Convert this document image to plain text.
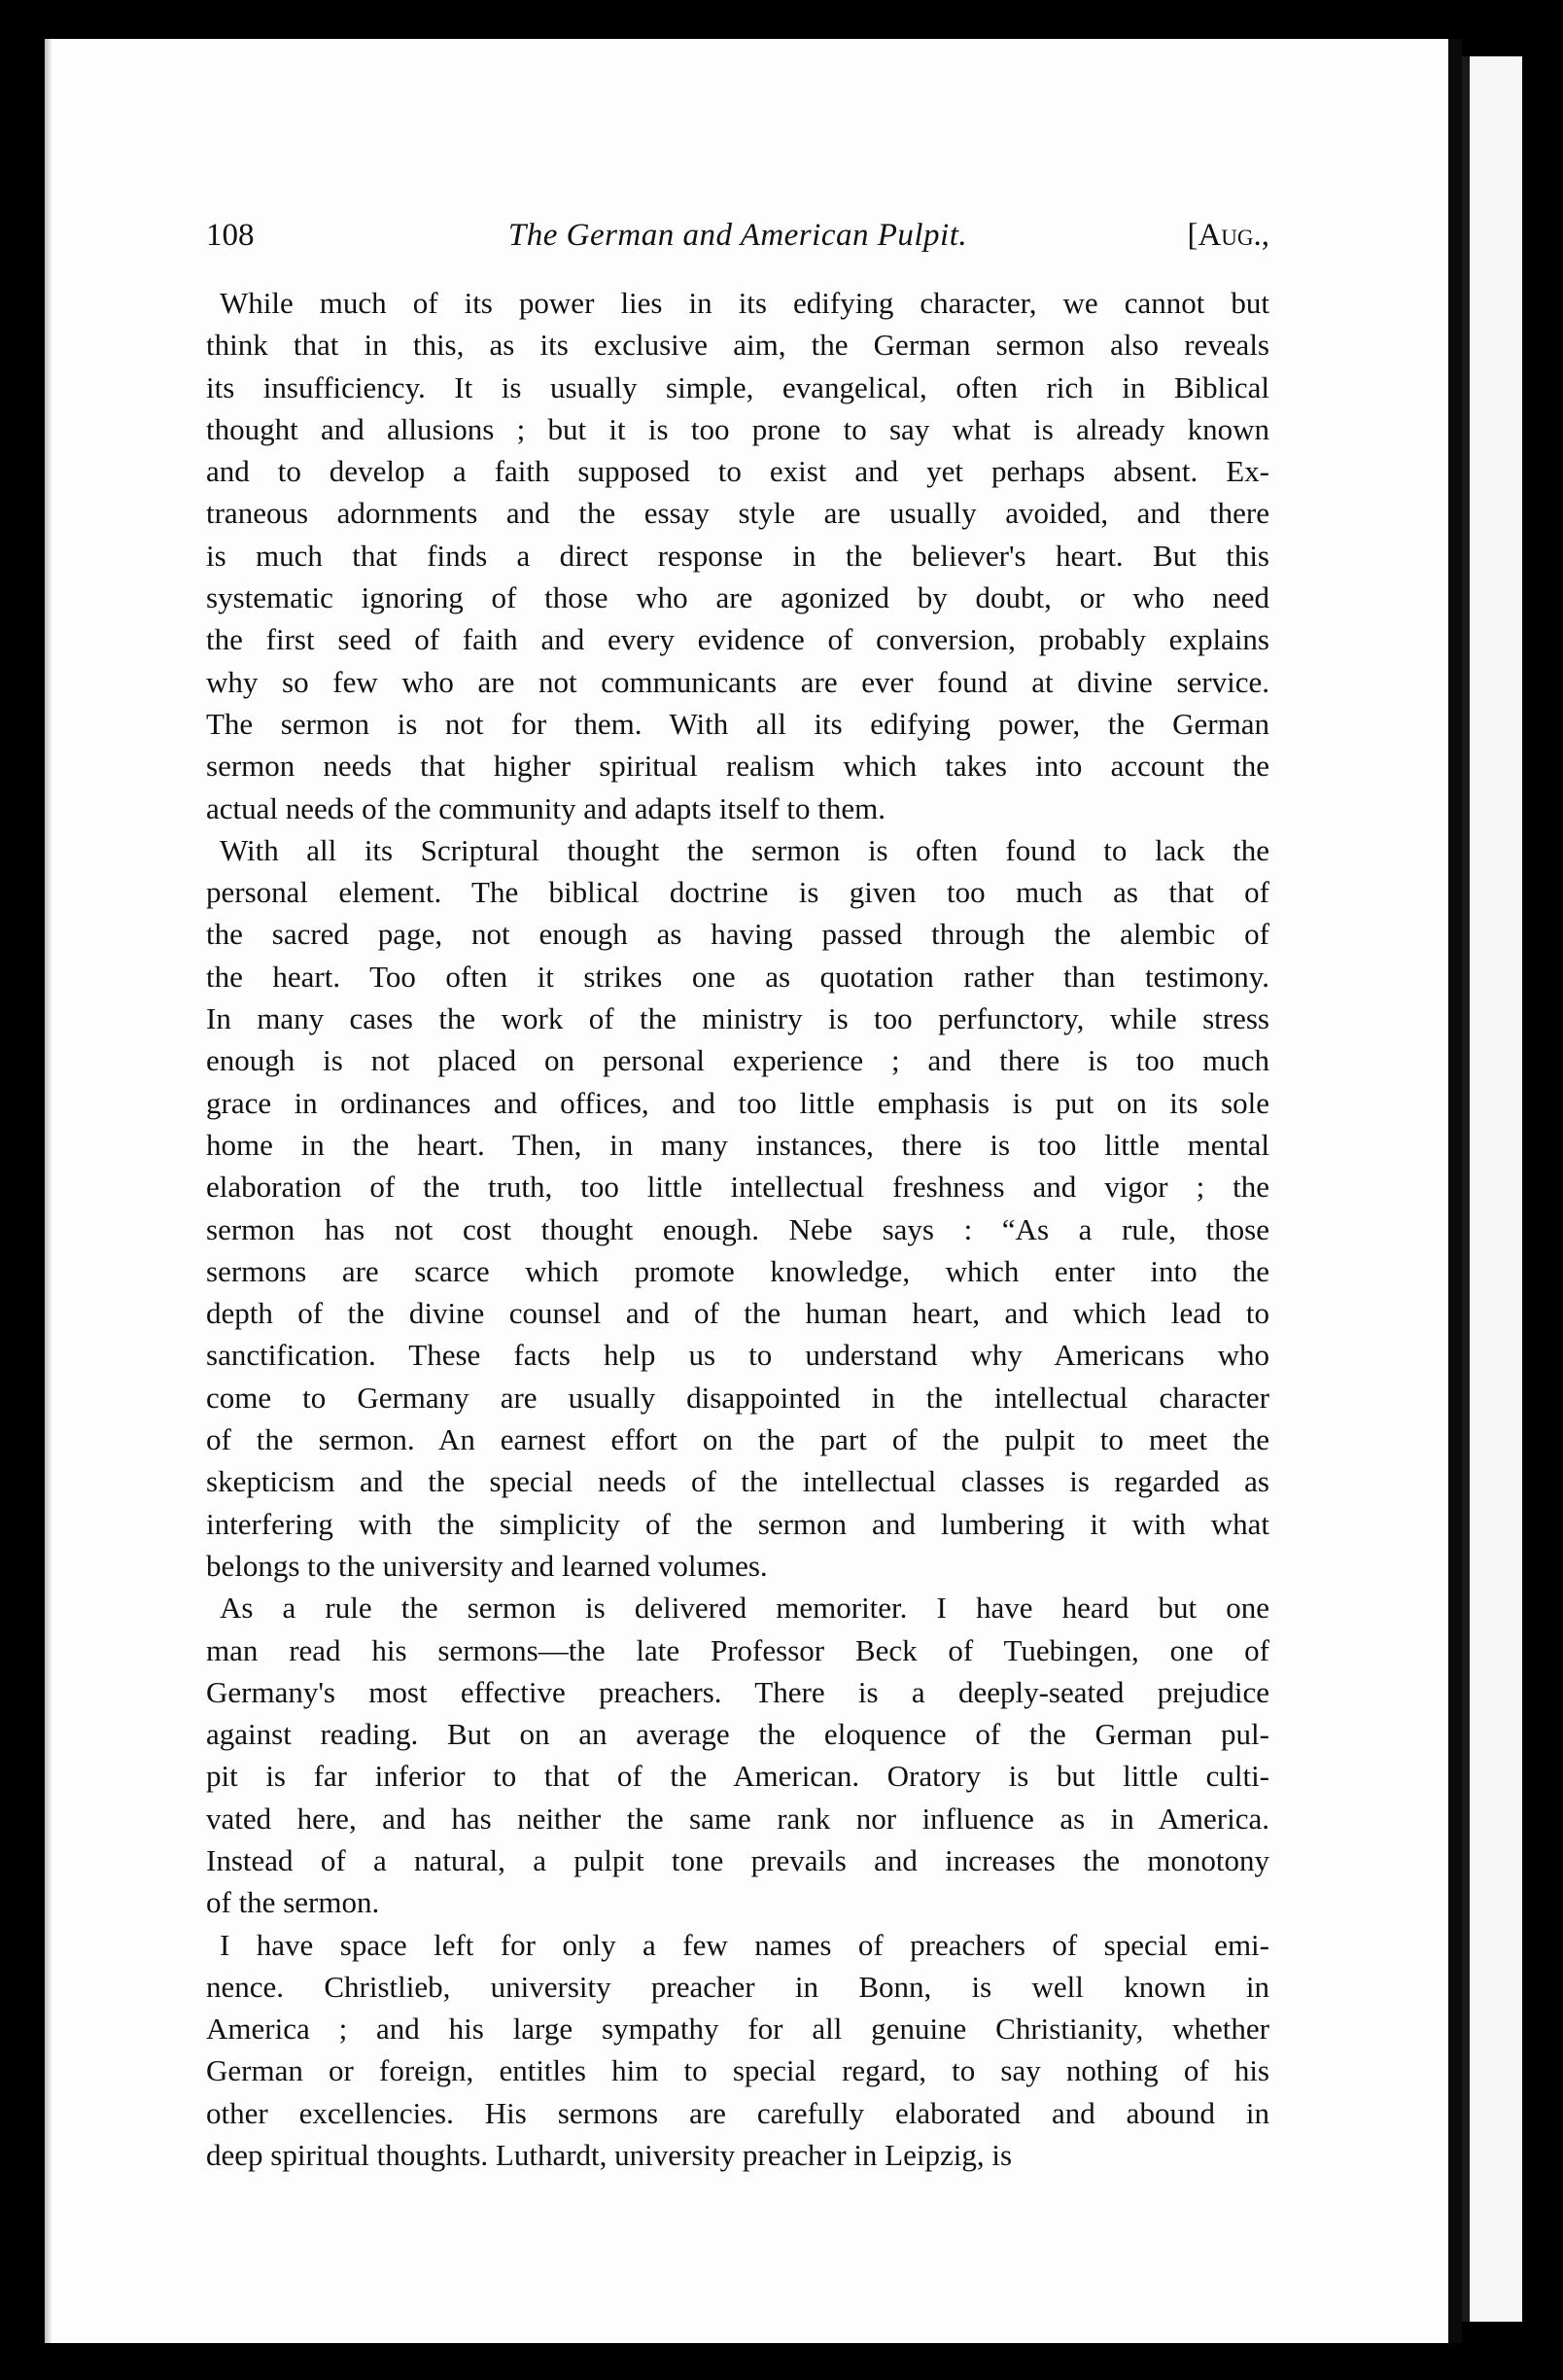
108	The German and American Pulpit.	[Aug.,
While much of its power lies in its edifying character, we cannot but
think that in this, as its exclusive aim, the German sermon also reveals
its insufficiency. It is usually simple, evangelical, often rich in Biblical
thought and allusions ; but it is too prone to say what is already known
and to develop a faith supposed to exist and yet perhaps absent. Ex-
traneous adornments and the essay style are usually avoided, and there
is much that finds a direct response in the believer's heart. But this
systematic ignoring of those who are agonized by doubt, or who need
the first seed of faith and every evidence of conversion, probably explains
why so few who are not communicants are ever found at divine service.
The sermon is not for them. With all its edifying power, the German
sermon needs that higher spiritual realism which takes into account the
actual needs of the community and adapts itself to them.
With all its Scriptural thought the sermon is often found to lack the
personal element. The biblical doctrine is given too much as that of
the sacred page, not enough as having passed through the alembic of
the heart. Too often it strikes one as quotation rather than testimony.
In many cases the work of the ministry is too perfunctory, while stress
enough is not placed on personal experience ; and there is too much
grace in ordinances and offices, and too little emphasis is put on its sole
home in the heart. Then, in many instances, there is too little mental
elaboration of the truth, too little intellectual freshness and vigor ; the
sermon has not cost thought enough. Nebe says : “As a rule, those
sermons are scarce which promote knowledge, which enter into the
depth of the divine counsel and of the human heart, and which lead to
sanctification. These facts help us to understand why Americans who
come to Germany are usually disappointed in the intellectual character
of the sermon. An earnest effort on the part of the pulpit to meet the
skepticism and the special needs of the intellectual classes is regarded as
interfering with the simplicity of the sermon and lumbering it with what
belongs to the university and learned volumes.
As a rule the sermon is delivered memoriter. I have heard but one
man read his sermons—the late Professor Beck of Tuebingen, one of
Germany's most effective preachers. There is a deeply-seated prejudice
against reading. But on an average the eloquence of the German pul-
pit is far inferior to that of the American. Oratory is but little culti-
vated here, and has neither the same rank nor influence as in America.
Instead of a natural, a pulpit tone prevails and increases the monotony
of the sermon.
I have space left for only a few names of preachers of special emi-
nence. Christlieb, university preacher in Bonn, is well known in
America ; and his large sympathy for all genuine Christianity, whether
German or foreign, entitles him to special regard, to say nothing of his
other excellencies. His sermons are carefully elaborated and abound in
deep spiritual thoughts. Luthardt, university preacher in Leipzig, is
